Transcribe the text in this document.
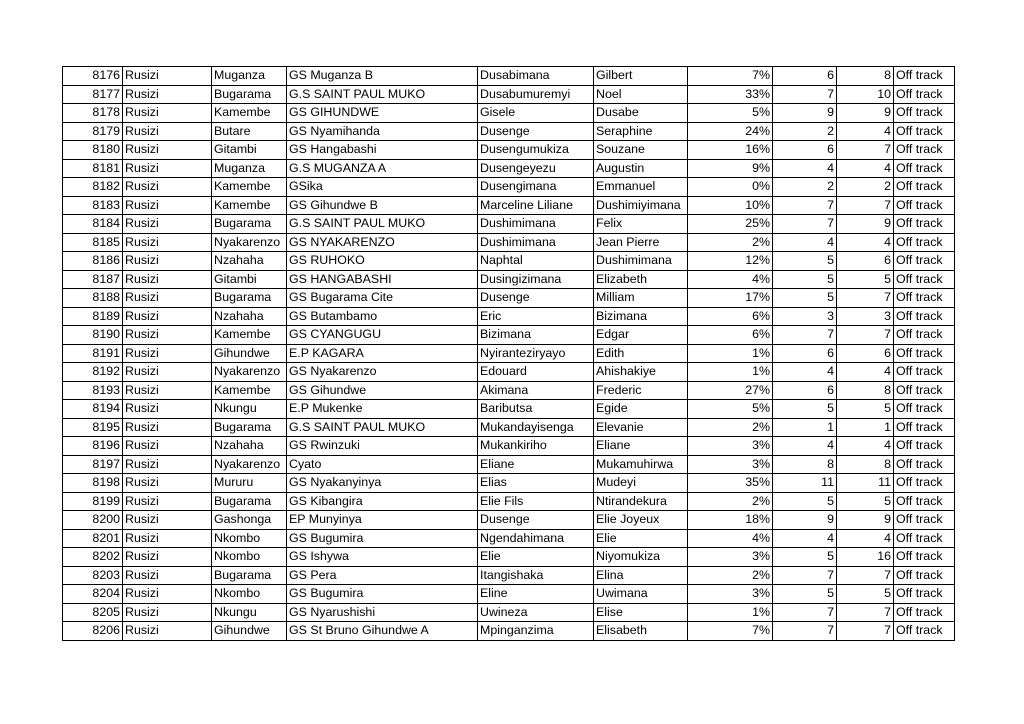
8176	Rusizi	Muganza	GS Muganza B	Dusabimana	Gilbert	7%	6	8	Off track
8177	Rusizi	Bugarama	G.S SAINT PAUL MUKO	Dusabumuremyi	Noel	33%	7	10	Off track
8178	Rusizi	Kamembe	GS GIHUNDWE	Gisele	Dusabe	5%	9	9	Off track
8179	Rusizi	Butare	GS Nyamihanda	Dusenge	Seraphine	24%	2	4	Off track
8180	Rusizi	Gitambi	GS Hangabashi	Dusengumukiza	Souzane	16%	6	7	Off track
8181	Rusizi	Muganza	G.S MUGANZA A	Dusengeyezu	Augustin	9%	4	4	Off track
8182	Rusizi	Kamembe	GSika	Dusengimana	Emmanuel	0%	2	2	Off track
8183	Rusizi	Kamembe	GS Gihundwe B	Marceline Liliane	Dushimiyimana	10%	7	7	Off track
8184	Rusizi	Bugarama	G.S SAINT PAUL MUKO	Dushimimana	Felix	25%	7	9	Off track
8185	Rusizi	Nyakarenzo	GS NYAKARENZO	Dushimimana	Jean Pierre	2%	4	4	Off track
8186	Rusizi	Nzahaha	GS RUHOKO	Naphtal	Dushimimana	12%	5	6	Off track
8187	Rusizi	Gitambi	GS HANGABASHI	Dusingizimana	Elizabeth	4%	5	5	Off track
8188	Rusizi	Bugarama	GS Bugarama Cite	Dusenge	Milliam	17%	5	7	Off track
8189	Rusizi	Nzahaha	GS Butambamo	Eric	Bizimana	6%	3	3	Off track
8190	Rusizi	Kamembe	GS CYANGUGU	Bizimana	Edgar	6%	7	7	Off track
8191	Rusizi	Gihundwe	E.P KAGARA	Nyiranteziryayo	Edith	1%	6	6	Off track
8192	Rusizi	Nyakarenzo	GS Nyakarenzo	Edouard	Ahishakiye	1%	4	4	Off track
8193	Rusizi	Kamembe	GS Gihundwe	Akimana	Frederic	27%	6	8	Off track
8194	Rusizi	Nkungu	E.P Mukenke	Baributsa	Egide	5%	5	5	Off track
8195	Rusizi	Bugarama	G.S SAINT PAUL MUKO	Mukandayisenga	Elevanie	2%	1	1	Off track
8196	Rusizi	Nzahaha	GS Rwinzuki	Mukankiriho	Eliane	3%	4	4	Off track
8197	Rusizi	Nyakarenzo	Cyato	Eliane	Mukamuhirwa	3%	8	8	Off track
8198	Rusizi	Mururu	GS Nyakanyinya	Elias	Mudeyi	35%	11	11	Off track
8199	Rusizi	Bugarama	GS Kibangira	Elie Fils	Ntirandekura	2%	5	5	Off track
8200	Rusizi	Gashonga	EP Munyinya	Dusenge	Elie Joyeux	18%	9	9	Off track
8201	Rusizi	Nkombo	GS Bugumira	Ngendahimana	Elie	4%	4	4	Off track
8202	Rusizi	Nkombo	GS Ishywa	Elie	Niyomukiza	3%	5	16	Off track
8203	Rusizi	Bugarama	GS Pera	Itangishaka	Elina	2%	7	7	Off track
8204	Rusizi	Nkombo	GS Bugumira	Eline	Uwimana	3%	5	5	Off track
8205	Rusizi	Nkungu	GS Nyarushishi	Uwineza	Elise	1%	7	7	Off track
8206	Rusizi	Gihundwe	GS St Bruno Gihundwe A	Mpinganzima	Elisabeth	7%	7	7	Off track
